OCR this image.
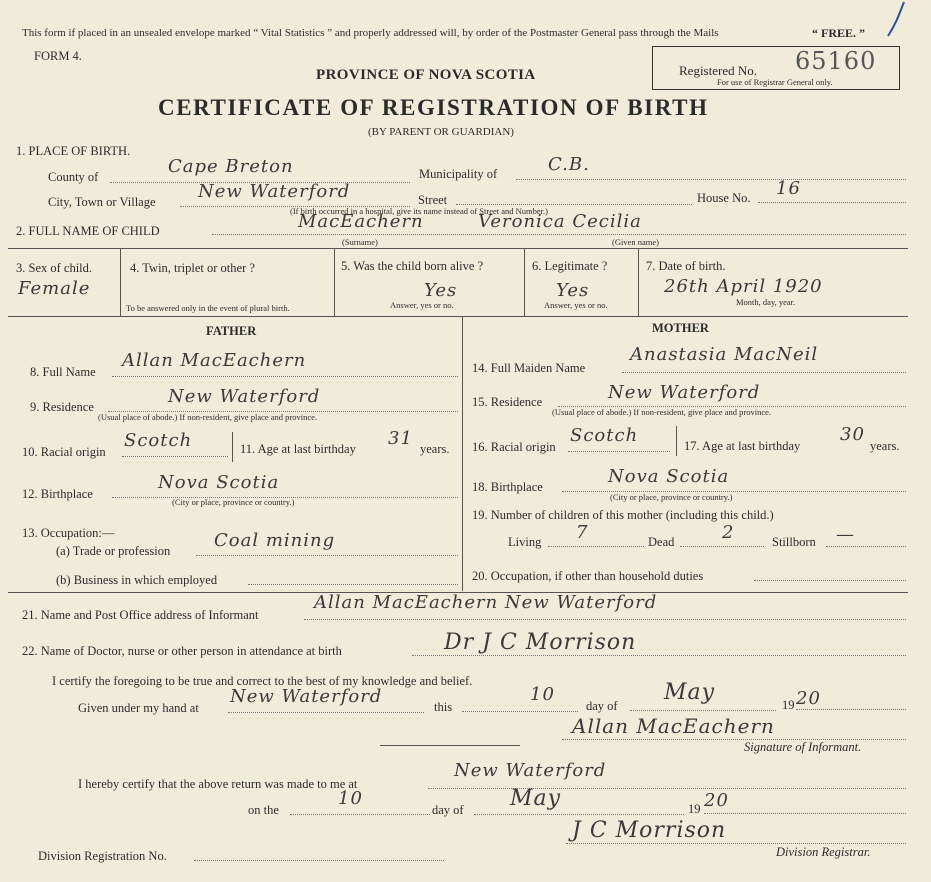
This form if placed in an unsealed envelope marked “ Vital Statistics ” and properly addressed will, by order of the Postmaster General pass through the Mails	“ FREE. ”
FORM 4.
PROVINCE OF NOVA SCOTIA
CERTIFICATE OF REGISTRATION OF BIRTH
(BY PARENT OR GUARDIAN)
Registered No.
For use of Registrar General only.
65160
1. PLACE OF BIRTH.
County of	Cape Breton	Municipality of	C.B.
City, Town or Village New Waterford	Street	House No. 16
(If birth occurred in a hospital, give its name instead of Street and Number.)
2. FULL NAME OF CHILD	MacEachern	Veronica Cecilia
(Surname)	(Given name)
3. Sex of child.
Female
4. Twin, triplet or other ?
To be answered only in the event of plural birth.
5. Was the child born alive ?
Yes
Answer, yes or no.
6. Legitimate ?
Yes
Answer, yes or no.
7. Date of birth.
26th April 1920
Month, day, year.
FATHER
8. Full Name
Allan MacEachern
9. Residence	New Waterford
(Usual place of abode.) If non-resident, give place and province.
10. Racial origin
Scotch	11. Age at last birthday 31 years.
12. Birthplace
Nova Scotia
(City or place, province or country.)
13. Occupation:—
(a) Trade or profession Coal mining
(b) Business in which employed
MOTHER
14. Full Maiden Name
Anastasia MacNeil
15. Residence	New Waterford
(Usual place of abode.) If non-resident, give place and province.
16. Racial origin
Scotch	17. Age at last birthday
30
years.
18. Birthplace	Nova Scotia
(City or place, province or country.)
19. Number of children of this mother (including this child.)
Living 7	Dead	2	Stillborn —
20. Occupation, if other than household duties
21. Name and Post Office address of Informant
Allan MacEachern New Waterford
22. Name of Doctor, nurse or other person in attendance at birth	Dr J C Morrison
I certify the foregoing to be true and correct to the best of my knowledge and belief.
Given under my hand at
New Waterford	this
10
day of
May	19 20
Allan MacEachern
Signature of Informant.
I hereby certify that the above return was made to me at
New Waterford
on the
10
day of May	19 20
Division Registration No.
J C Morrison
Division Registrar.
